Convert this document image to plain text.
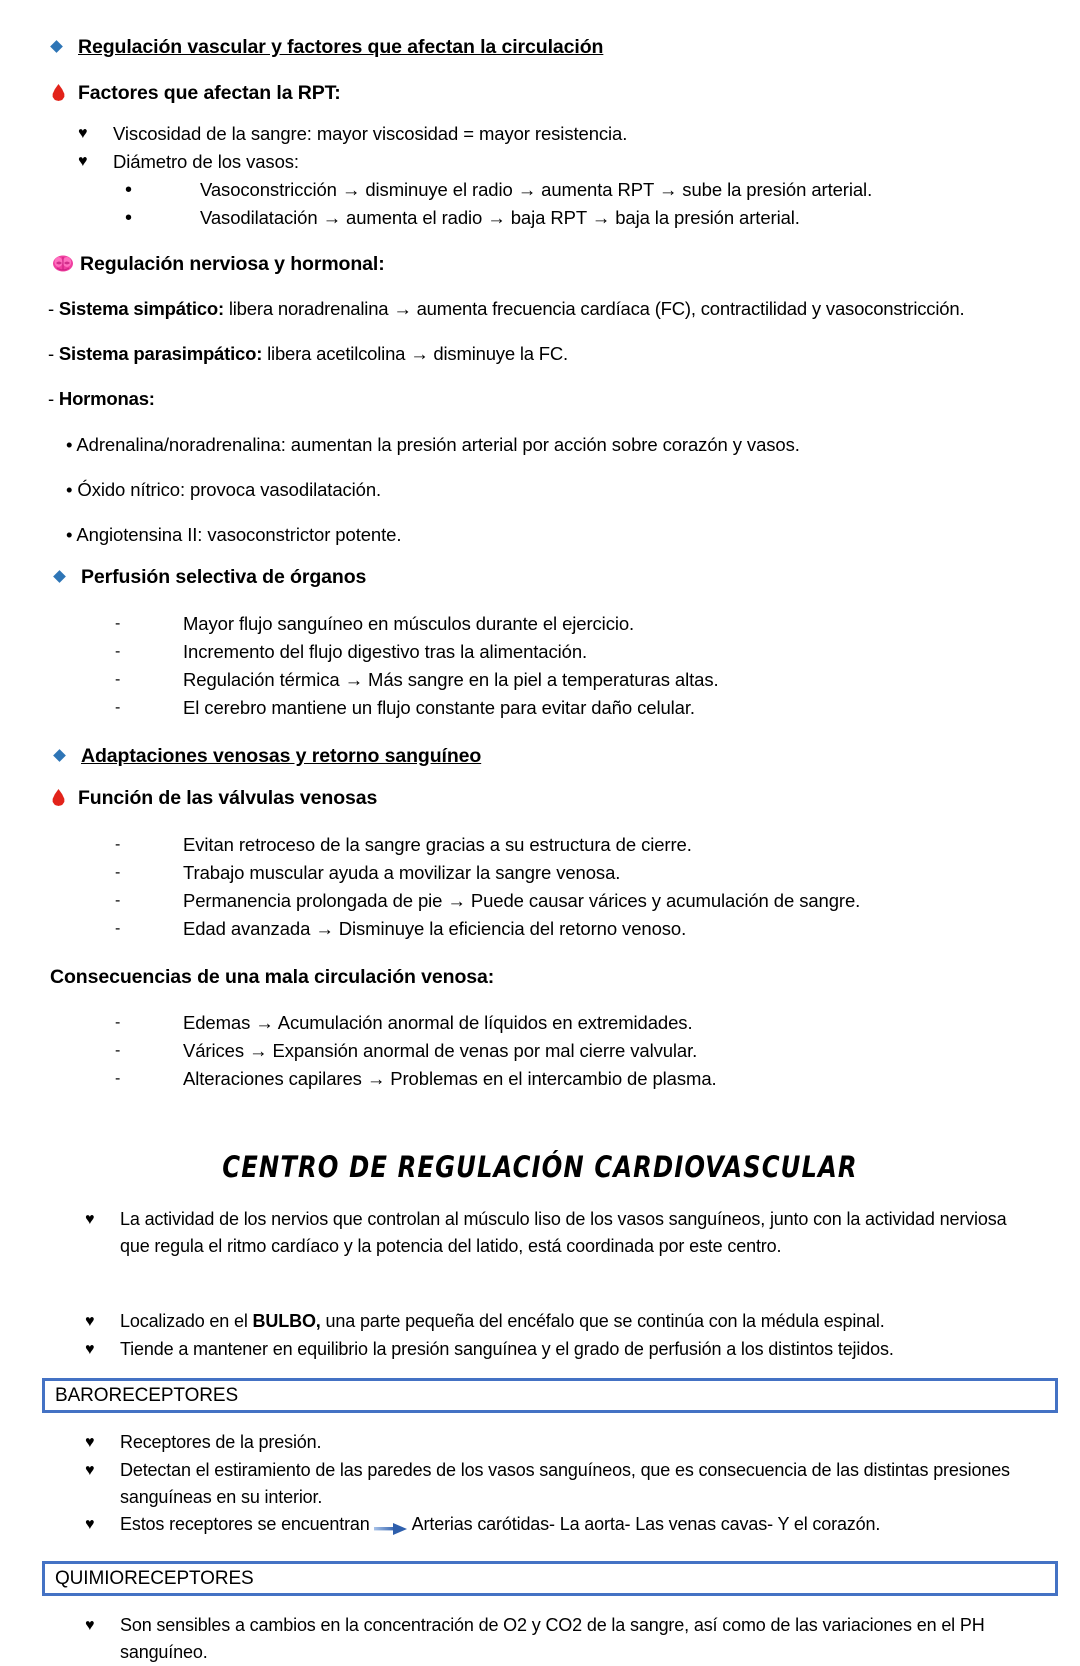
Regulación vascular y factores que afectan la circulación
Factores que afectan la RPT:
♥	Viscosidad de la sangre: mayor viscosidad = mayor resistencia.
♥	Diámetro de los vasos:
•	Vasoconstricción → disminuye el radio → aumenta RPT → sube la presión arterial.
•	Vasodilatación → aumenta el radio → baja RPT → baja la presión arterial.
Regulación nerviosa y hormonal:
- Sistema simpático: libera noradrenalina → aumenta frecuencia cardíaca (FC), contractilidad y vasoconstricción.
- Sistema parasimpático: libera acetilcolina → disminuye la FC.
- Hormonas:
• Adrenalina/noradrenalina: aumentan la presión arterial por acción sobre corazón y vasos.
• Óxido nítrico: provoca vasodilatación.
• Angiotensina II: vasoconstrictor potente.
Perfusión selectiva de órganos
-	Mayor flujo sanguíneo en músculos durante el ejercicio.
-	Incremento del flujo digestivo tras la alimentación.
-	Regulación térmica → Más sangre en la piel a temperaturas altas.
-	El cerebro mantiene un flujo constante para evitar daño celular.
Adaptaciones venosas y retorno sanguíneo
Función de las válvulas venosas
-	Evitan retroceso de la sangre gracias a su estructura de cierre.
-	Trabajo muscular ayuda a movilizar la sangre venosa.
-	Permanencia prolongada de pie → Puede causar várices y acumulación de sangre.
-	Edad avanzada → Disminuye la eficiencia del retorno venoso.
Consecuencias de una mala circulación venosa:
-	Edemas → Acumulación anormal de líquidos en extremidades.
-	Várices → Expansión anormal de venas por mal cierre valvular.
-	Alteraciones capilares → Problemas en el intercambio de plasma.
CENTRO DE REGULACIÓN CARDIOVASCULAR
♥	La actividad de los nervios que controlan al músculo liso de los vasos sanguíneos, junto con la actividad nerviosa que regula el ritmo cardíaco y la potencia del latido, está coordinada por este centro.
♥	Localizado en el BULBO, una parte pequeña del encéfalo que se continúa con la médula espinal.
♥	Tiende a mantener en equilibrio la presión sanguínea y el grado de perfusión a los distintos tejidos.
BARORECEPTORES
♥	Receptores de la presión.
♥	Detectan el estiramiento de las paredes de los vasos sanguíneos, que es consecuencia de las distintas presiones sanguíneas en su interior.
♥	Estos receptores se encuentran Arterias carótidas- La aorta- Las venas cavas- Y el corazón.
QUIMIORECEPTORES
♥	Son sensibles a cambios en la concentración de O2 y CO2 de la sangre, así como de las variaciones en el PH sanguíneo.
